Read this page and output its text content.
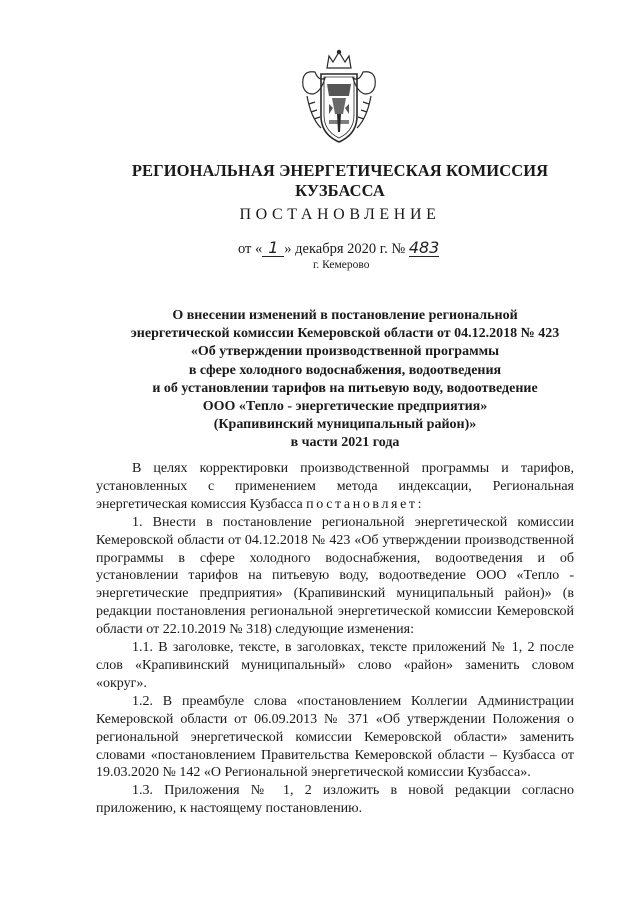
РЕГИОНАЛЬНАЯ ЭНЕРГЕТИЧЕСКАЯ КОМИССИЯ
КУЗБАССА
ПОСТАНОВЛЕНИЕ
от « 1 » декабря 2020 г. № 483
г. Кемерово
О внесении изменений в постановление региональной
энергетической комиссии Кемеровской области от 04.12.2018 № 423
«Об утверждении производственной программы
в сфере холодного водоснабжения, водоотведения
и об установлении тарифов на питьевую воду, водоотведение
ООО «Тепло - энергетические предприятия»
(Крапивинский муниципальный район)»
в части 2021 года

В целях корректировки производственной программы и тарифов, установленных с применением метода индексации, Региональная энергетическая комиссия Кузбасса постановляет:

1. Внести в постановление региональной энергетической комиссии Кемеровской области от 04.12.2018 № 423 «Об утверждении производственной программы в сфере холодного водоснабжения, водоотведения и об установлении тарифов на питьевую воду, водоотведение ООО «Тепло - энергетические предприятия» (Крапивинский муниципальный район)» (в редакции постановления региональной энергетической комиссии Кемеровской области от 22.10.2019 № 318) следующие изменения:

1.1. В заголовке, тексте, в заголовках, тексте приложений № 1, 2 после слов «Крапивинский муниципальный» слово «район» заменить словом «округ».

1.2. В преамбуле слова «постановлением Коллегии Администрации Кемеровской области от 06.09.2013 № 371 «Об утверждении Положения о региональной энергетической комиссии Кемеровской области» заменить словами «постановлением Правительства Кемеровской области – Кузбасса от 19.03.2020 № 142 «О Региональной энергетической комиссии Кузбасса».

1.3. Приложения № 1, 2 изложить в новой редакции согласно приложению, к настоящему постановлению.
